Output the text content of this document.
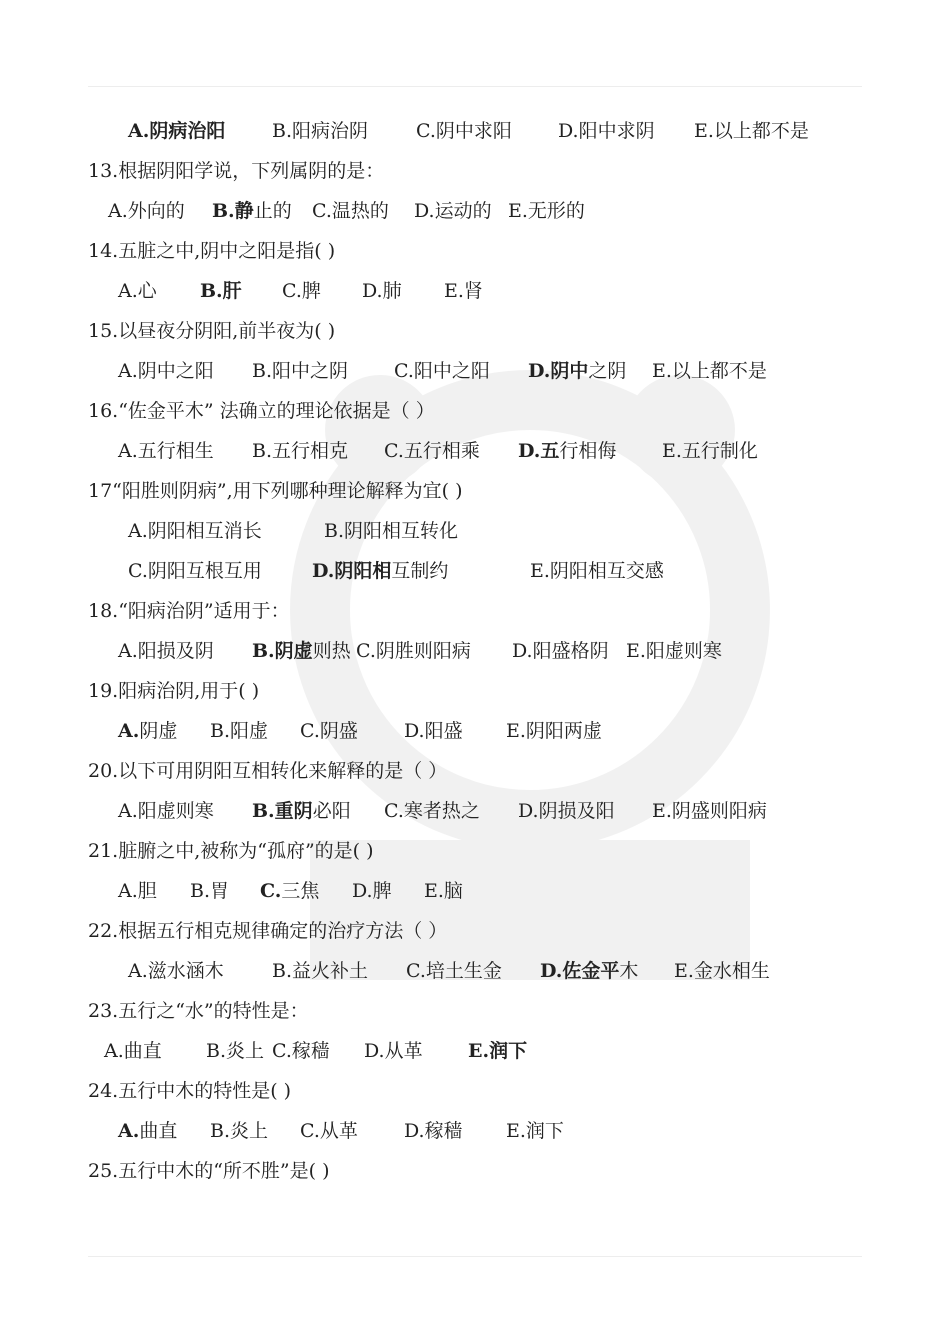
A.阴病治阳 B.阳病治阴	C.阴中求阳 D.阳中求阴 E.以上都不是
13.根据阴阳学说，下列属阴的是：
A.外向的 B.静止的 C.温热的 D.运动的 E.无形的
14.五脏之中,阴中之阳是指( )
A.心 B.肝 C.脾 D.肺 E.肾
15.以昼夜分阴阳,前半夜为( )
A.阴中之阳 B.阳中之阴 C.阳中之阳 D.阴中之阴 E.以上都不是
16.“佐金平木” 法确立的理论依据是（ ）
A.五行相生 B.五行相克 C.五行相乘 D.五行相侮 E.五行制化
17“阳胜则阴病”,用下列哪种理论解释为宜( )
A.阴阳相互消长	B.阴阳相互转化
C.阴阳互根互用	D.阴阳相互制约	E.阴阳相互交感
18.“阳病治阴”适用于：
A.阳损及阴 B.阴虚则热 C.阴胜则阳病 D.阳盛格阴 E.阳虚则寒
19.阳病治阴,用于( )
A.阴虚 B.阳虚 C.阴盛 D.阳盛 E.阴阳两虚
20.以下可用阴阳互相转化来解释的是（ ）
A.阳虚则寒 B.重阴必阳 C.寒者热之 D.阴损及阳 E.阴盛则阳病
21.脏腑之中,被称为“孤府”的是( )
A.胆 B.胃 C.三焦 D.脾 E.脑
22.根据五行相克规律确定的治疗方法（ ）
A.滋水涵木	B.益火补土 C.培土生金 D.佐金平木 E.金水相生
23.五行之“水”的特性是：
A.曲直 B.炎上 C.稼穑 D.从革 E.润下
24.五行中木的特性是( )
A.曲直 B.炎上 C.从革 D.稼穑 E.润下
25.五行中木的“所不胜”是( )
